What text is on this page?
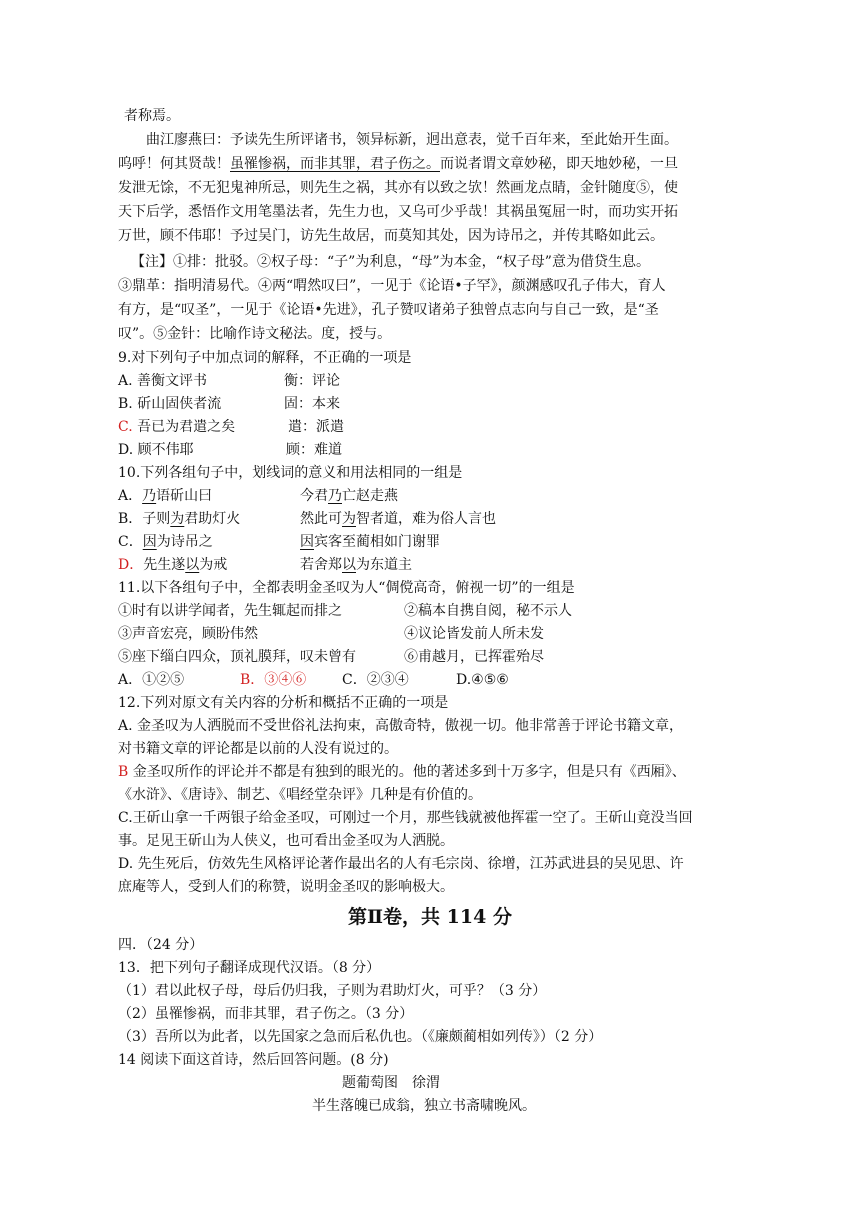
者称焉。
曲江廖燕曰：予读先生所评诸书，领异标新，迥出意表，觉千百年来，至此始开生面。
呜呼！何其贤哉！虽罹惨祸，而非其罪，君子伤之。而说者谓文章妙秘，即天地妙秘，一旦
发泄无馀，不无犯鬼神所忌，则先生之祸，其亦有以致之欤！然画龙点睛，金针随度⑤，使
天下后学，悉悟作文用笔墨法者，先生力也，又乌可少乎哉！其祸虽冤屈一时，而功实开拓
万世，顾不伟耶！予过吴门，访先生故居，而莫知其处，因为诗吊之，并传其略如此云。
【注】①排：批驳。②权子母：“子”为利息，“母”为本金，“权子母”意为借贷生息。
③鼎革：指明清易代。④两“喟然叹曰”，一见于《论语•子罕》，颜渊感叹孔子伟大，育人
有方，是“叹圣”，一见于《论语•先进》，孔子赞叹诸弟子独曾点志向与自己一致，是“圣
叹”。⑤金针：比喻作诗文秘法。度，授与。
9.对下列句子中加点词的解释，不正确的一项是
A. 善衡文评书	衡：评论
B. 斫山固侠者流	固：本来
C. 吾已为君遣之矣	遣：派遣
D. 顾不伟耶	顾：难道
10.下列各组句子中，划线词的意义和用法相同的一组是
A．乃语斫山曰	今君乃亡赵走燕
B．子则为君助灯火	然此可为智者道，难为俗人言也
C．因为诗吊之	因宾客至蔺相如门谢罪
D．先生遂以为戒	若舍郑以为东道主
11.以下各组句子中，全都表明金圣叹为人“倜傥高奇，俯视一切”的一组是
①时有以讲学闻者，先生辄起而排之	②稿本自携自阅，秘不示人
③声音宏亮，顾盼伟然	④议论皆发前人所未发
⑤座下缁白四众，顶礼膜拜，叹未曾有	⑥甫越月，已挥霍殆尽
A．①②⑤	B．③④⑥	C．②③④	D.④⑤⑥
12.下列对原文有关内容的分析和概括不正确的一项是
A. 金圣叹为人洒脱而不受世俗礼法拘束，高傲奇特，傲视一切。他非常善于评论书籍文章，
对书籍文章的评论都是以前的人没有说过的。
B 金圣叹所作的评论并不都是有独到的眼光的。他的著述多到十万多字，但是只有《西厢》、
《水浒》、《唐诗》、制艺、《唱经堂杂评》几种是有价值的。
C.王斫山拿一千两银子给金圣叹，可刚过一个月，那些钱就被他挥霍一空了。王斫山竟没当回
事。足见王斫山为人侠义，也可看出金圣叹为人洒脱。
D. 先生死后，仿效先生风格评论著作最出名的人有毛宗岗、徐增，江苏武进县的吴见思、许
庶庵等人，受到人们的称赞，说明金圣叹的影响极大。
第Ⅱ卷，共 114 分
四．（24 分）
13．把下列句子翻译成现代汉语。（8 分）
（1）君以此权子母，母后仍归我，子则为君助灯火，可乎？（3 分）
（2）虽罹惨祸，而非其罪，君子伤之。（3 分）
（3）吾所以为此者，以先国家之急而后私仇也。（《廉颇蔺相如列传》）（2 分）
14 阅读下面这首诗，然后回答问题。(8 分)
题葡萄图　徐渭
半生落魄已成翁，独立书斋啸晚风。
